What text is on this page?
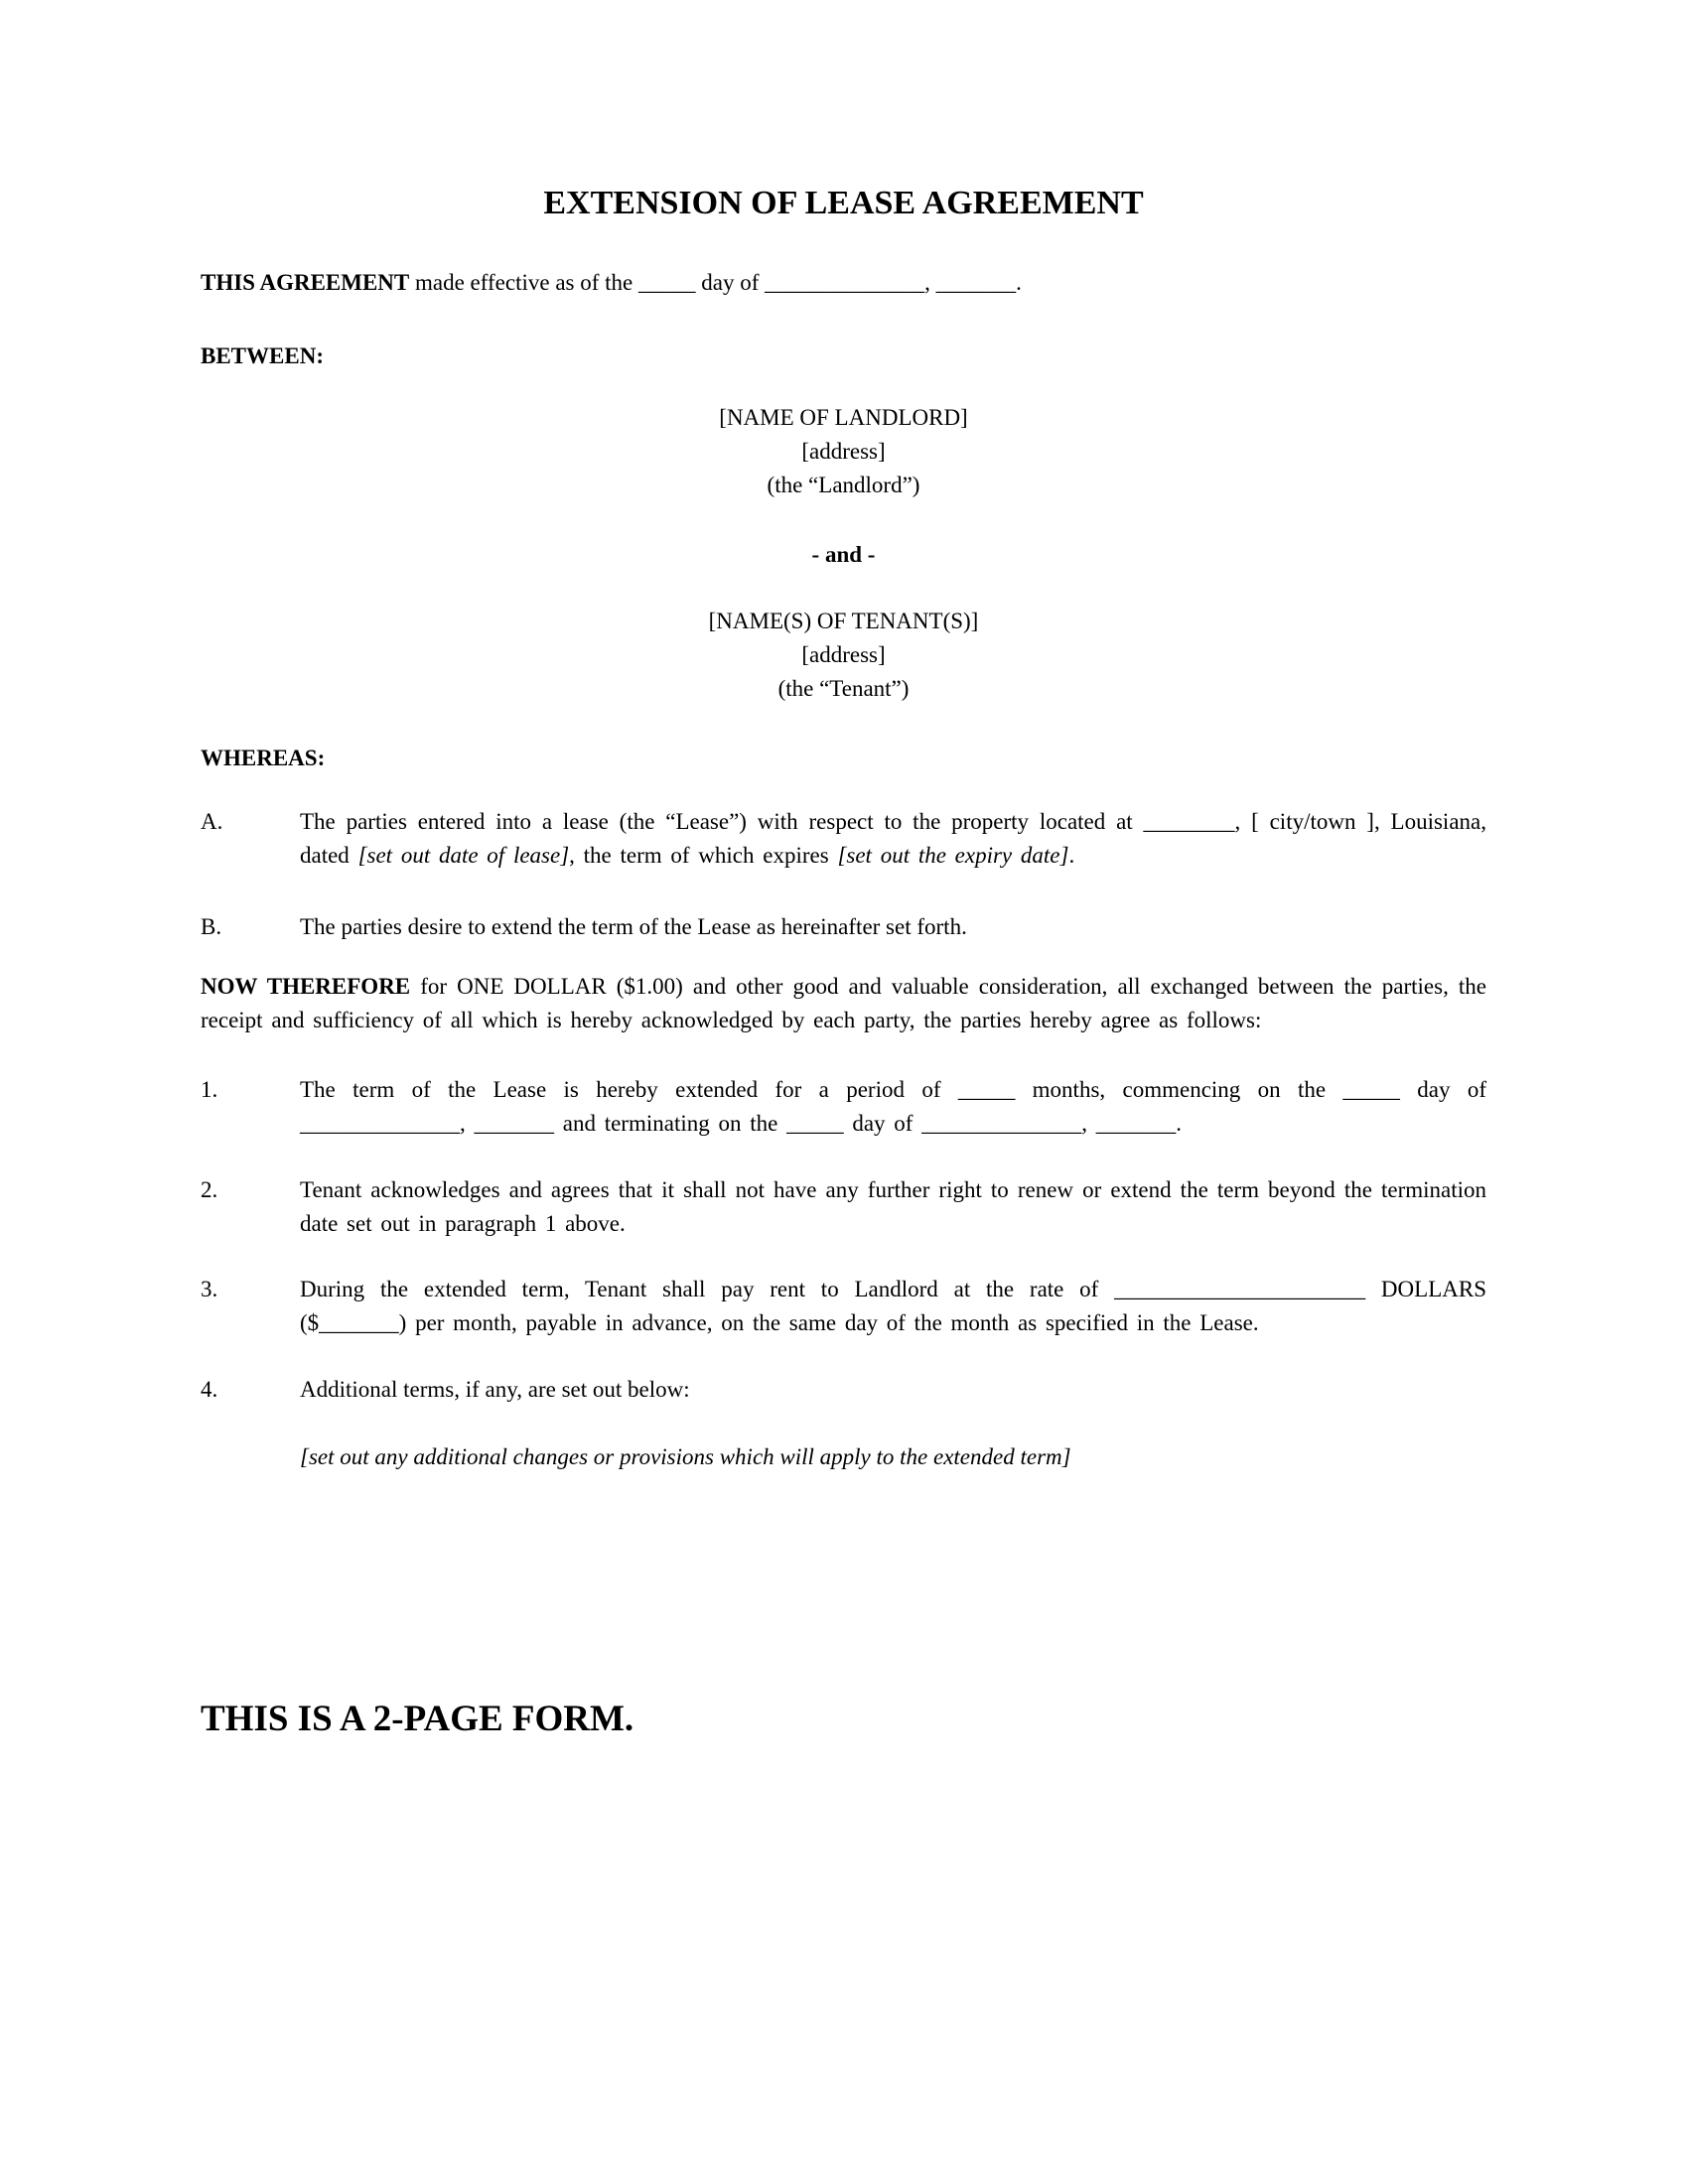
EXTENSION OF LEASE AGREEMENT

THIS AGREEMENT made effective as of the _____ day of ______________, _______.

BETWEEN:

[NAME OF LANDLORD]
[address]
(the “Landlord”)
- and -
[NAME(S) OF TENANT(S)]
[address]
(the “Tenant”)

WHEREAS:

A.	The parties entered into a lease (the “Lease”) with respect to the property located at ________, [ city/town ], Louisiana, dated [set out date of lease], the term of which expires [set out the expiry date].
B.	The parties desire to extend the term of the Lease as hereinafter set forth.

NOW THEREFORE for ONE DOLLAR ($1.00) and other good and valuable consideration, all exchanged between the parties, the receipt and sufficiency of all which is hereby acknowledged by each party, the parties hereby agree as follows:

1.	The term of the Lease is hereby extended for a period of _____ months, commencing on the _____ day of ______________, _______ and terminating on the _____ day of ______________, _______.
2.	Tenant acknowledges and agrees that it shall not have any further right to renew or extend the term beyond the termination date set out in paragraph 1 above.
3.	During the extended term, Tenant shall pay rent to Landlord at the rate of ______________________ DOLLARS ($_______) per month, payable in advance, on the same day of the month as specified in the Lease.
4.	Additional terms, if any, are set out below:

[set out any additional changes or provisions which will apply to the extended term]

THIS IS A 2-PAGE FORM.
